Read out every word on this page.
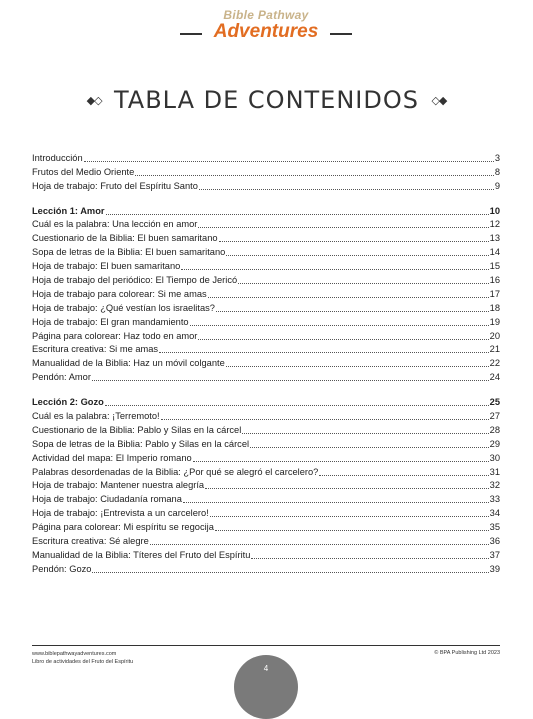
Bible Pathway
Adventures
◆◇ TABLA DE CONTENIDOS ◇◆
Introducción	3
Frutos del Medio Oriente	8
Hoja de trabajo: Fruto del Espíritu Santo	9
Lección 1: Amor	10
Cuál es la palabra: Una lección en amor	12
Cuestionario de la Biblia: El buen samaritano	13
Sopa de letras de la Biblia: El buen samaritano	14
Hoja de trabajo: El buen samaritano	15
Hoja de trabajo del periódico: El Tiempo de Jericó	16
Hoja de trabajo para colorear: Si me amas	17
Hoja de trabajo: ¿Qué vestían los israelitas?	18
Hoja de trabajo: El gran mandamiento	19
Página para colorear: Haz todo en amor	20
Escritura creativa: Si me amas	21
Manualidad de la Biblia: Haz un móvil colgante	22
Pendón: Amor	24
Lección 2: Gozo	25
Cuál es la palabra: ¡Terremoto!	27
Cuestionario de la Biblia: Pablo y Silas en la cárcel	28
Sopa de letras de la Biblia: Pablo y Silas en la cárcel	29
Actividad del mapa: El Imperio romano	30
Palabras desordenadas de la Biblia: ¿Por qué se alegró el carcelero?	31
Hoja de trabajo: Mantener nuestra alegría	32
Hoja de trabajo: Ciudadanía romana	33
Hoja de trabajo: ¡Entrevista a un carcelero!	34
Página para colorear: Mi espíritu se regocija	35
Escritura creativa: Sé alegre	36
Manualidad de la Biblia: Títeres del Fruto del Espíritu	37
Pendón: Gozo	39
www.biblepathwayadventures.com
Libro de actividades del Fruto del Espíritu
© BPA Publishing Ltd 2023
4
